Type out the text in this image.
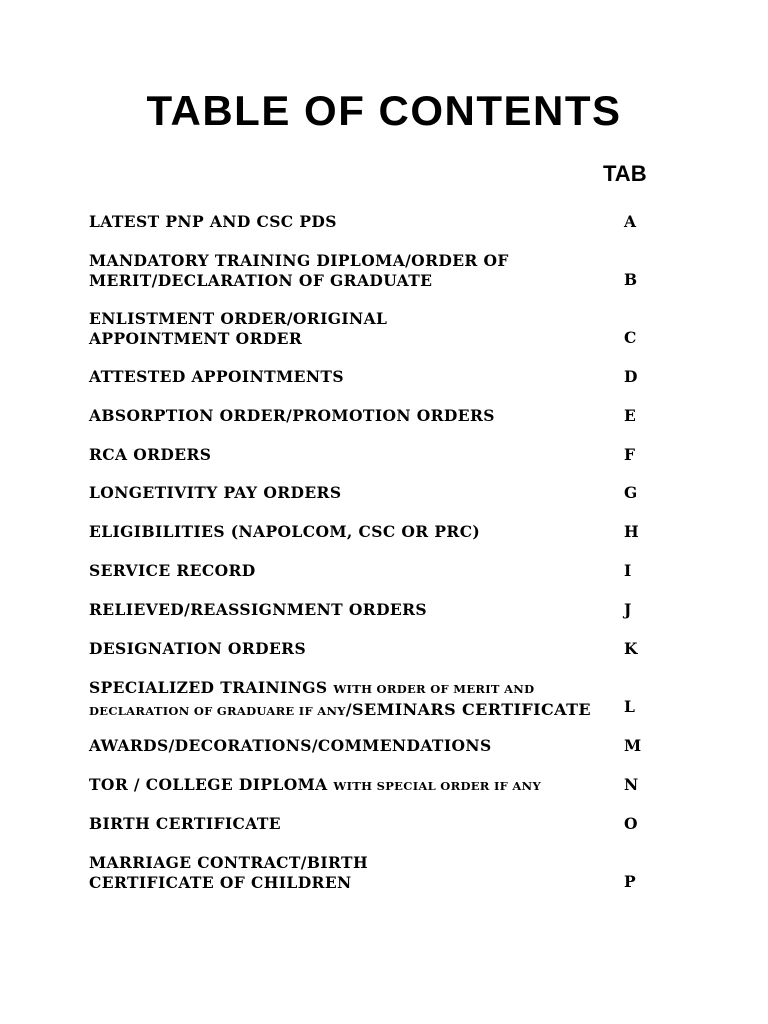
TABLE OF CONTENTS
TAB
LATEST PNP AND CSC PDS	A
MANDATORY TRAINING DIPLOMA/ORDER OF
MERIT/DECLARATION OF GRADUATE	B
ENLISTMENT ORDER/ORIGINAL
APPOINTMENT ORDER	C
ATTESTED APPOINTMENTS	D
ABSORPTION ORDER/PROMOTION ORDERS	E
RCA ORDERS	F
LONGETIVITY PAY ORDERS	G
ELIGIBILITIES (NAPOLCOM, CSC OR PRC)	H
SERVICE RECORD	I
RELIEVED/REASSIGNMENT ORDERS	J
DESIGNATION ORDERS	K
SPECIALIZED TRAININGS WITH ORDER OF MERIT AND
DECLARATION OF GRADUARE IF ANY/SEMINARS CERTIFICATE L
AWARDS/DECORATIONS/COMMENDATIONS	M
TOR / COLLEGE DIPLOMA WITH SPECIAL ORDER IF ANY	N
BIRTH CERTIFICATE	O
MARRIAGE CONTRACT/BIRTH
CERTIFICATE OF CHILDREN	P
